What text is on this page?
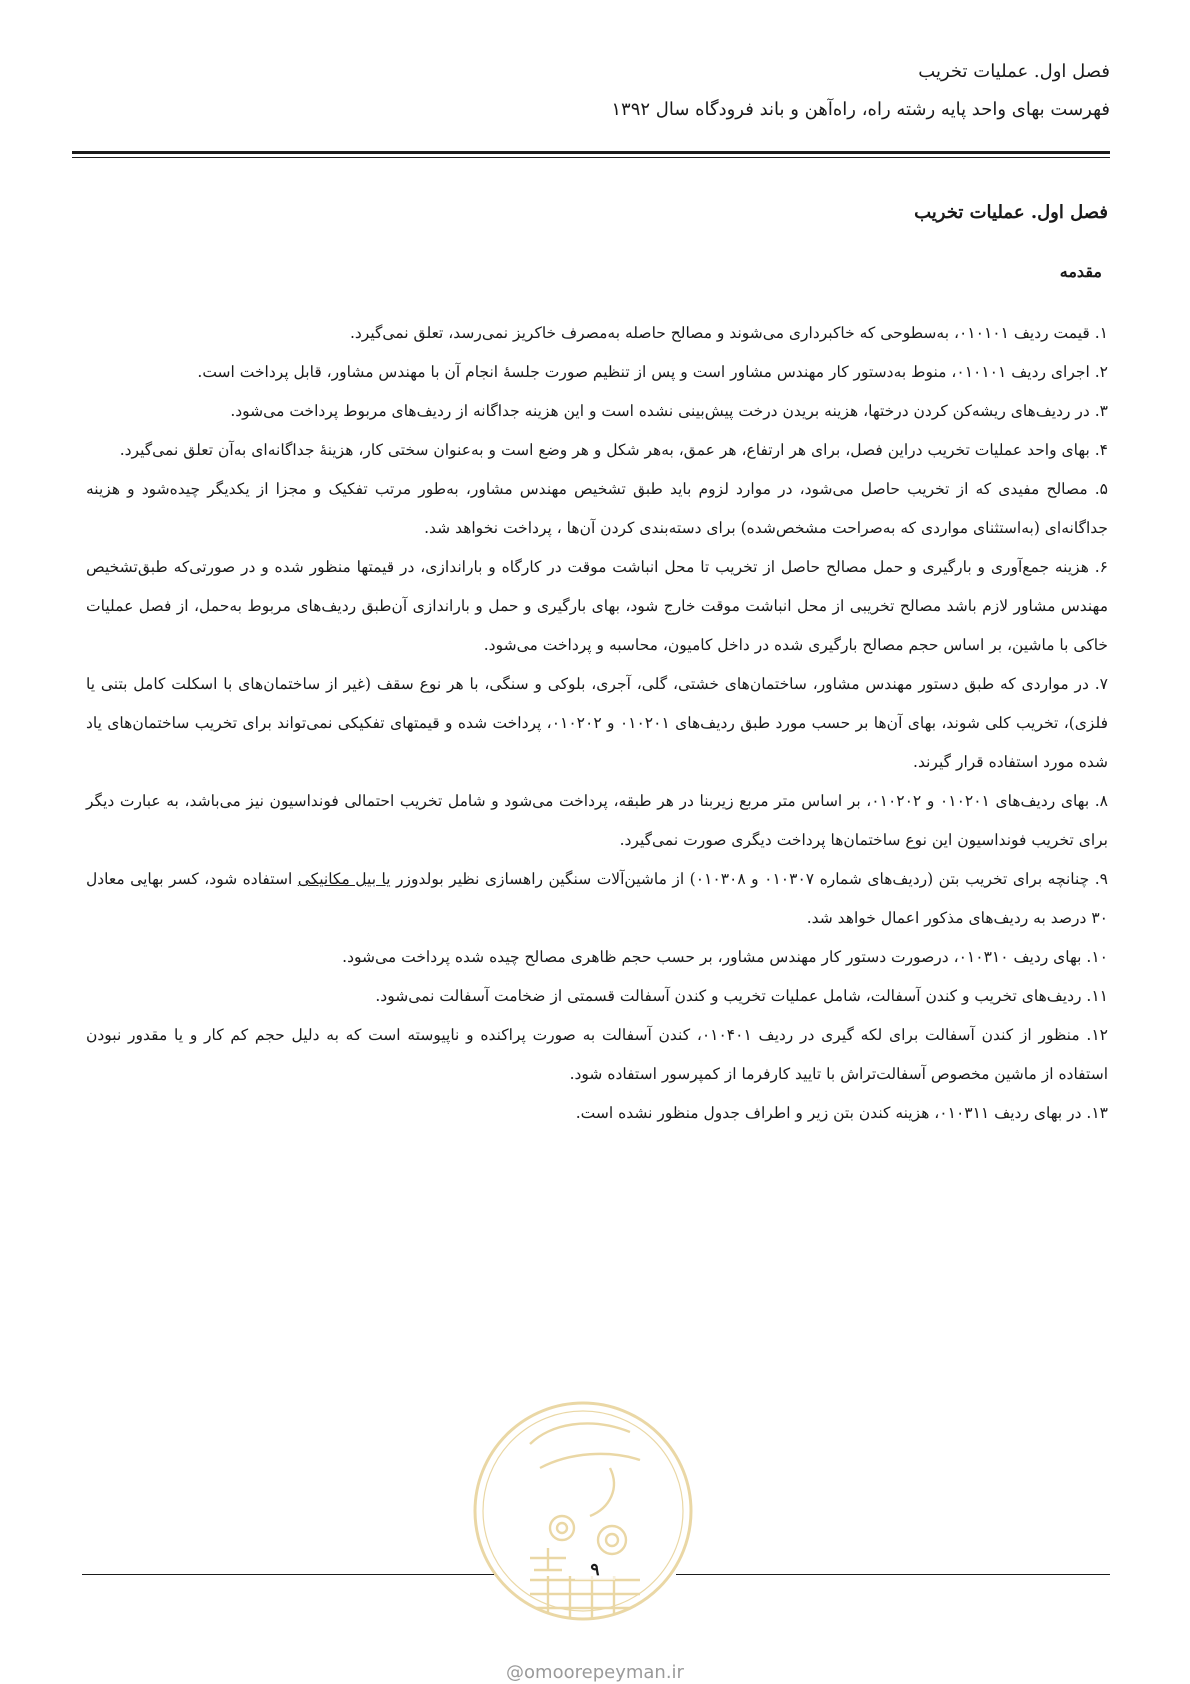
فصل اول. عملیات تخریب
فهرست بهای واحد پایه رشته راه، راه‌آهن و باند فرودگاه سال ۱۳۹۲
فصل اول. عملیات تخریب
مقدمه
۱. قیمت ردیف ۰۱۰۱۰۱، به‌سطوحی که خاکبرداری می‌شوند و مصالح حاصله به‌مصرف خاکریز نمی‌رسد، تعلق نمی‌گیرد.
۲. اجرای ردیف ۰۱۰۱۰۱، منوط به‌دستور کار مهندس مشاور است و پس از تنظیم صورت جلسهٔ انجام آن با مهندس مشاور، قابل پرداخت است.
۳. در ردیف‌های ریشه‌کن کردن درختها، هزینه بریدن درخت پیش‌بینی نشده است و این هزینه جداگانه از ردیف‌های مربوط پرداخت می‌شود.
۴. بهای واحد عملیات تخریب دراین فصل، برای هر ارتفاع، هر عمق، به‌هر شکل و هر وضع است و به‌عنوان سختی کار، هزینهٔ جداگانه‌ای به‌آن تعلق نمی‌گیرد.
۵. مصالح مفیدی که از تخریب حاصل می‌شود، در موارد لزوم باید طبق تشخیص مهندس مشاور، به‌طور مرتب تفکیک و مجزا از یکدیگر چیده‌شود و هزینه جداگانه‌ای (به‌استثنای مواردی که به‌صراحت مشخص‌شده) برای دسته‌بندی کردن آن‌ها ، پرداخت نخواهد شد.
۶. هزینه جمع‌آوری و بارگیری و حمل مصالح حاصل از تخریب تا محل انباشت موقت در کارگاه و باراندازی، در قیمتها منظور شده و در صورتی‌که طبق‌تشخیص مهندس مشاور لازم باشد مصالح تخریبی از محل انباشت موقت خارج شود، بهای بارگیری و حمل و باراندازی آن‌طبق ردیف‌های مربوط به‌حمل، از فصل عملیات خاکی با ماشین، بر اساس حجم مصالح بارگیری شده در داخل کامیون، محاسبه و پرداخت می‌شود.
۷. در مواردی که طبق دستور مهندس مشاور، ساختمان‌های خشتی، گلی، آجری، بلوکی و سنگی، با هر نوع سقف (غیر از ساختمان‌های با اسکلت کامل بتنی یا فلزی)، تخریب کلی شوند، بهای آن‌ها بر حسب مورد طبق ردیف‌های ۰۱۰۲۰۱ و ۰۱۰۲۰۲، پرداخت شده و قیمتهای تفکیکی نمی‌تواند برای تخریب ساختمان‌های یاد شده مورد استفاده قرار گیرند.
۸. بهای ردیف‌های ۰۱۰۲۰۱ و ۰۱۰۲۰۲، بر اساس متر مربع زیربنا در هر طبقه، پرداخت می‌شود و شامل تخریب احتمالی فونداسیون نیز می‌باشد، به عبارت دیگر برای تخریب فونداسیون این نوع ساختمان‌ها پرداخت دیگری صورت نمی‌گیرد.
۹. چنانچه برای تخریب بتن (ردیف‌های شماره ۰۱۰۳۰۷ و ۰۱۰۳۰۸) از ماشین‌آلات سنگین راهسازی نظیر بولدوزر یا بیل مکانیکی استفاده شود، کسر بهایی معادل ۳۰ درصد به ردیف‌های مذکور اعمال خواهد شد.
۱۰. بهای ردیف ۰۱۰۳۱۰، درصورت دستور کار مهندس مشاور، بر حسب حجم ظاهری مصالح چیده شده پرداخت می‌شود.
۱۱. ردیف‌های تخریب و کندن آسفالت، شامل عملیات تخریب و کندن آسفالت قسمتی از ضخامت آسفالت نمی‌شود.
۱۲. منظور از کندن آسفالت برای لکه گیری در ردیف ۰۱۰۴۰۱، کندن آسفالت به صورت پراکنده و ناپیوسته است که به دلیل حجم کم کار و یا مقدور نبودن استفاده از ماشین مخصوص آسفالت‌تراش با تایید کارفرما از کمپرسور استفاده شود.
۱۳. در بهای ردیف ۰۱۰۳۱۱، هزینه کندن بتن زیر و اطراف جدول منظور نشده است.
۹
@omoorepeyman.ir
